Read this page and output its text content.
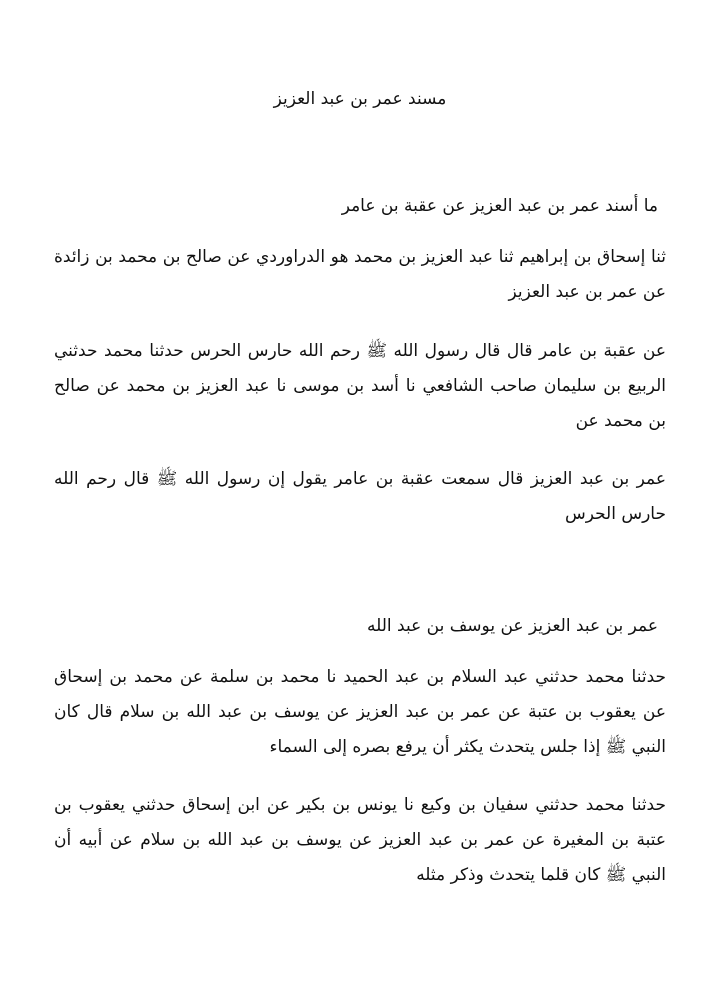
مسند عمر بن عبد العزيز
ما أسند عمر بن عبد العزيز عن عقبة بن عامر
ثنا إسحاق بن إبراهيم ثنا عبد العزيز بن محمد هو الدراوردي عن صالح بن محمد بن زائدة عن عمر بن عبد العزيز
عن عقبة بن عامر قال قال رسول الله ﷺ رحم الله حارس الحرس حدثنا محمد حدثني الربيع بن سليمان صاحب الشافعي نا أسد بن موسى نا عبد العزيز بن محمد عن صالح بن محمد عن
عمر بن عبد العزيز قال سمعت عقبة بن عامر يقول إن رسول الله ﷺ قال رحم الله حارس الحرس
عمر بن عبد العزيز عن يوسف بن عبد الله
حدثنا محمد حدثني عبد السلام بن عبد الحميد نا محمد بن سلمة عن محمد بن إسحاق عن يعقوب بن عتبة عن عمر بن عبد العزيز عن يوسف بن عبد الله بن سلام قال كان النبي ﷺ إذا جلس يتحدث يكثر أن يرفع بصره إلى السماء
حدثنا محمد حدثني سفيان بن وكيع نا يونس بن بكير عن ابن إسحاق حدثني يعقوب بن عتبة بن المغيرة عن عمر بن عبد العزيز عن يوسف بن عبد الله بن سلام عن أبيه أن النبي ﷺ كان قلما يتحدث وذكر مثله
